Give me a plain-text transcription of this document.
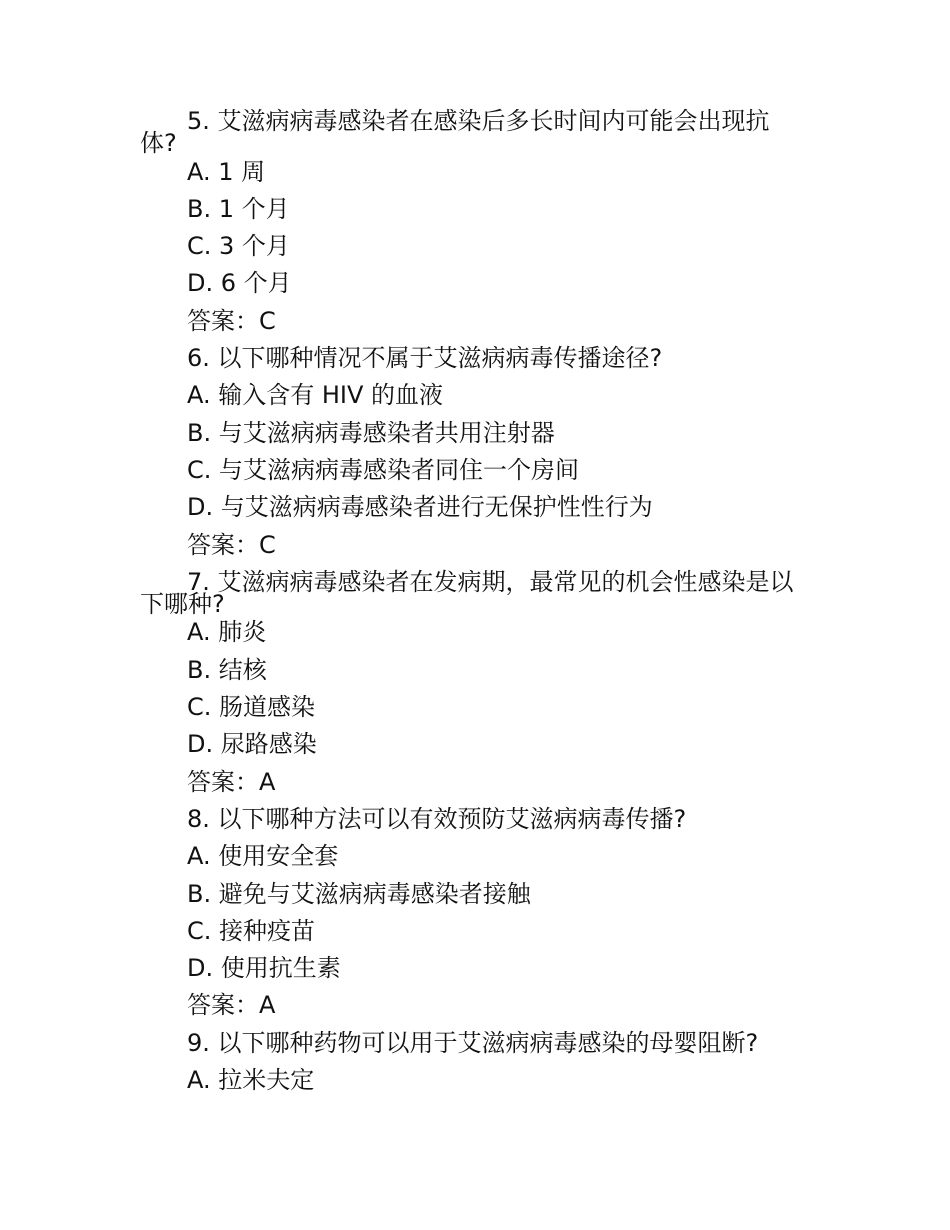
5. 艾滋病病毒感染者在感染后多长时间内可能会出现抗
体?
A. 1 周
B. 1 个月
C. 3 个月
D. 6 个月
答案：C
6. 以下哪种情况不属于艾滋病病毒传播途径?
A. 输入含有 HIV 的血液
B. 与艾滋病病毒感染者共用注射器
C. 与艾滋病病毒感染者同住一个房间
D. 与艾滋病病毒感染者进行无保护性性行为
答案：C
7. 艾滋病病毒感染者在发病期，最常见的机会性感染是以
下哪种?
A. 肺炎
B. 结核
C. 肠道感染
D. 尿路感染
答案：A
8. 以下哪种方法可以有效预防艾滋病病毒传播?
A. 使用安全套
B. 避免与艾滋病病毒感染者接触
C. 接种疫苗
D. 使用抗生素
答案：A
9. 以下哪种药物可以用于艾滋病病毒感染的母婴阻断?
A. 拉米夫定
